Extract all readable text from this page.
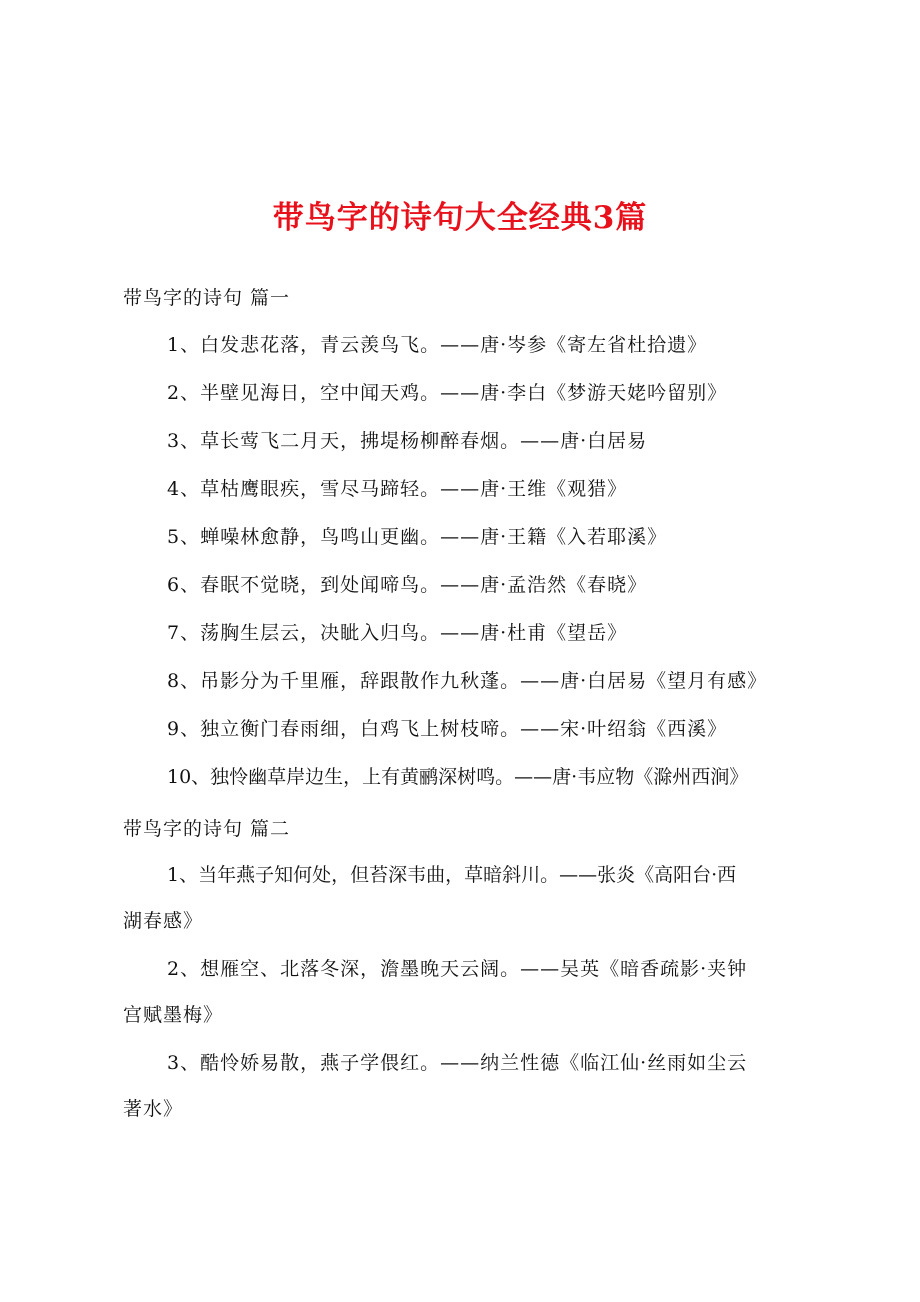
带鸟字的诗句大全经典3篇

带鸟字的诗句 篇一

1、白发悲花落，青云羡鸟飞。——唐·岑参《寄左省杜拾遗》

2、半壁见海日，空中闻天鸡。——唐·李白《梦游天姥吟留别》

3、草长莺飞二月天，拂堤杨柳醉春烟。——唐·白居易

4、草枯鹰眼疾，雪尽马蹄轻。——唐·王维《观猎》

5、蝉噪林愈静，鸟鸣山更幽。——唐·王籍《入若耶溪》

6、春眠不觉晓，到处闻啼鸟。——唐·孟浩然《春晓》

7、荡胸生层云，决眦入归鸟。——唐·杜甫《望岳》

8、吊影分为千里雁，辞跟散作九秋蓬。——唐·白居易《望月有感》

9、独立衡门春雨细，白鸡飞上树枝啼。——宋·叶绍翁《西溪》

10、独怜幽草岸边生，上有黄鹂深树鸣。——唐·韦应物《滁州西涧》

带鸟字的诗句 篇二

1、当年燕子知何处，但苔深韦曲，草暗斜川。——张炎《高阳台·西

湖春感》

2、想雁空、北落冬深，澹墨晚天云阔。——吴英《暗香疏影·夹钟

宫赋墨梅》

3、酷怜娇易散，燕子学偎红。——纳兰性德《临江仙·丝雨如尘云

著水》
